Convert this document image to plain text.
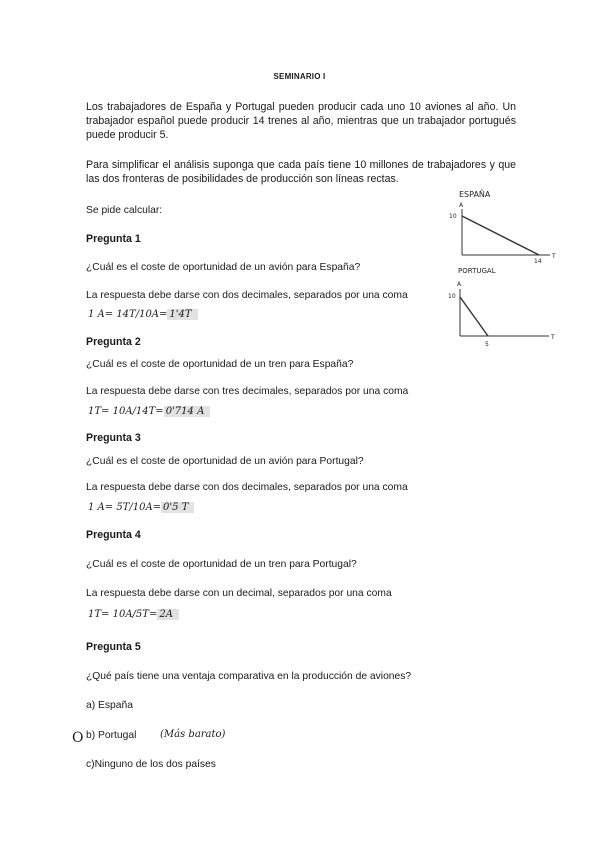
SEMINARIO I
Los trabajadores de España y Portugal pueden producir cada uno 10 aviones al año. Un trabajador español puede producir 14 trenes al año, mientras que un trabajador portugués puede producir 5.
Para simplificar el análisis suponga que cada país tiene 10 millones de trabajadores y que las dos fronteras de posibilidades de producción son líneas rectas.
Se pide calcular:
ESPAÑA
A
10
14
T
PORTUGAL
A
10
5
T
Pregunta 1
¿Cuál es el coste de oportunidad de un avión para España?
La respuesta debe darse con dos decimales, separados por una coma
1 A= 14T/10A= 1'4T
Pregunta 2
¿Cuál es el coste de oportunidad de un tren para España?
La respuesta debe darse con tres decimales, separados por una coma
1T= 10A/14T= 0'714 A
Pregunta 3
¿Cuál es el coste de oportunidad de un avión para Portugal?
La respuesta debe darse con dos decimales, separados por una coma
1 A= 5T/10A= 0'5 T
Pregunta 4
¿Cuál es el coste de oportunidad de un tren para Portugal?
La respuesta debe darse con un decimal, separados por una coma
1T= 10A/5T= 2A
Pregunta 5
¿Qué país tiene una ventaja comparativa en la producción de aviones?
a) España
O b) Portugal (Más barato)
c)Ninguno de los dos países
